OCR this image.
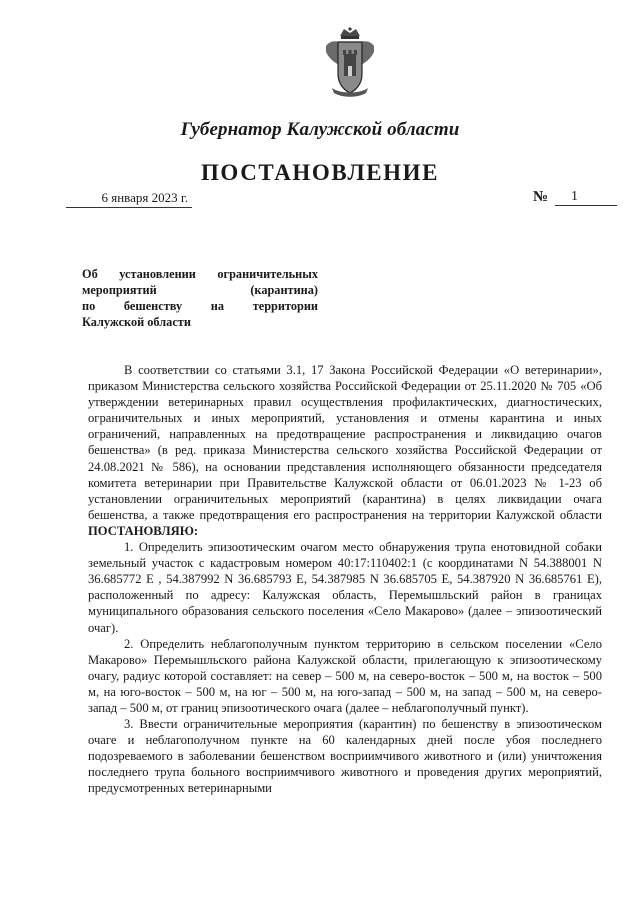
Губернатор Калужской области
ПОСТАНОВЛЕНИЕ
6 января 2023 г.	№	1
Об установлении ограничительных
мероприятий (карантина)
по бешенству на территории
Калужской области

В соответствии со статьями 3.1, 17 Закона Российской Федерации «О ветеринарии», приказом Министерства сельского хозяйства Российской Федерации от 25.11.2020 № 705 «Об утверждении ветеринарных правил осуществления профилактических, диагностических, ограничительных и иных мероприятий, установления и отмены карантина и иных ограничений, направленных на предотвращение распространения и ликвидацию очагов бешенства» (в ред. приказа Министерства сельского хозяйства Российской Федерации от 24.08.2021 № 586), на основании представления исполняющего обязанности председателя комитета ветеринарии при Правительстве Калужской области от 06.01.2023 № 1-23 об установлении ограничительных мероприятий (карантина) в целях ликвидации очага бешенства, а также предотвращения его распространения на территории Калужской области ПОСТАНОВЛЯЮ:

1. Определить эпизоотическим очагом место обнаружения трупа енотовидной собаки земельный участок с кадастровым номером 40:17:110402:1 (с координатами N 54.388001 N 36.685772 E , 54.387992 N 36.685793 E, 54.387985 N 36.685705 E, 54.387920 N 36.685761 E), расположенный по адресу: Калужская область, Перемышльский район в границах муниципального образования сельского поселения «Село Макарово» (далее – эпизоотический очаг).

2. Определить неблагополучным пунктом территорию в сельском поселении «Село Макарово» Перемышльского района Калужской области, прилегающую к эпизоотическому очагу, радиус которой составляет: на север – 500 м, на северо-восток – 500 м, на восток – 500 м, на юго-восток – 500 м, на юг – 500 м, на юго-запад – 500 м, на запад – 500 м, на северо-запад – 500 м, от границ эпизоотического очага (далее – неблагополучный пункт).

3. Ввести ограничительные мероприятия (карантин) по бешенству в эпизоотическом очаге и неблагополучном пункте на 60 календарных дней после убоя последнего подозреваемого в заболевании бешенством восприимчивого животного и (или) уничтожения последнего трупа больного восприимчивого животного и проведения других мероприятий, предусмотренных ветеринарными
